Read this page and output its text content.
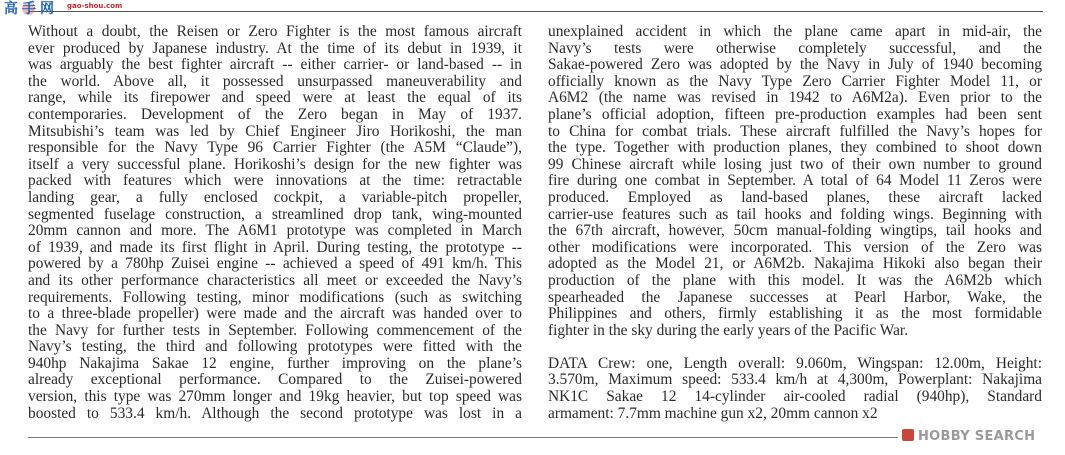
Without a doubt, the Reisen or Zero Fighter is the most famous aircraft
ever produced by Japanese industry. At the time of its debut in 1939, it
was arguably the best fighter aircraft -- either carrier- or land-based -- in
the world. Above all, it possessed unsurpassed maneuverability and
range, while its firepower and speed were at least the equal of its
contemporaries. Development of the Zero began in May of 1937.
Mitsubishi’s team was led by Chief Engineer Jiro Horikoshi, the man
responsible for the Navy Type 96 Carrier Fighter (the A5M “Claude”),
itself a very successful plane. Horikoshi’s design for the new fighter was
packed with features which were innovations at the time: retractable
landing gear, a fully enclosed cockpit, a variable-pitch propeller,
segmented fuselage construction, a streamlined drop tank, wing-mounted
20mm cannon and more. The A6M1 prototype was completed in March
of 1939, and made its first flight in April. During testing, the prototype --
powered by a 780hp Zuisei engine -- achieved a speed of 491 km/h. This
and its other performance characteristics all meet or exceeded the Navy’s
requirements. Following testing, minor modifications (such as switching
to a three-blade propeller) were made and the aircraft was handed over to
the Navy for further tests in September. Following commencement of the
Navy’s testing, the third and following prototypes were fitted with the
940hp Nakajima Sakae 12 engine, further improving on the plane’s
already exceptional performance. Compared to the Zuisei-powered
version, this type was 270mm longer and 19kg heavier, but top speed was
boosted to 533.4 km/h. Although the second prototype was lost in a
unexplained accident in which the plane came apart in mid-air, the
Navy’s tests were otherwise completely successful, and the
Sakae-powered Zero was adopted by the Navy in July of 1940 becoming
officially known as the Navy Type Zero Carrier Fighter Model 11, or
A6M2 (the name was revised in 1942 to A6M2a). Even prior to the
plane’s official adoption, fifteen pre-production examples had been sent
to China for combat trials. These aircraft fulfilled the Navy’s hopes for
the type. Together with production planes, they combined to shoot down
99 Chinese aircraft while losing just two of their own number to ground
fire during one combat in September. A total of 64 Model 11 Zeros were
produced. Employed as land-based planes, these aircraft lacked
carrier-use features such as tail hooks and folding wings. Beginning with
the 67th aircraft, however, 50cm manual-folding wingtips, tail hooks and
other modifications were incorporated. This version of the Zero was
adopted as the Model 21, or A6M2b. Nakajima Hikoki also began their
production of the plane with this model. It was the A6M2b which
spearheaded the Japanese successes at Pearl Harbor, Wake, the
Philippines and others, firmly establishing it as the most formidable
fighter in the sky during the early years of the Pacific War.
DATA Crew: one, Length overall: 9.060m, Wingspan: 12.00m, Height:
3.570m, Maximum speed: 533.4 km/h at 4,300m, Powerplant: Nakajima
NK1C Sakae 12 14-cylinder air-cooled radial (940hp), Standard
armament: 7.7mm machine gun x2, 20mm cannon x2
高手网 gao-shou.com
HOBBY SEARCH
